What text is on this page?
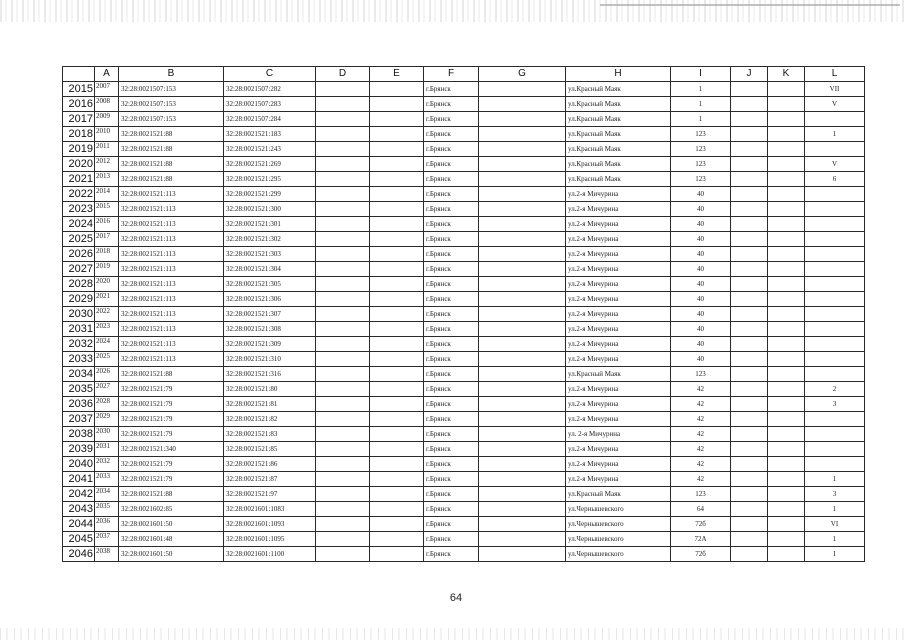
	A	B	C	D	E	F	G	H	I	J	K	L
2015	2007	32:28:0021507:153	32:28:0021507:282			г.Брянск		ул.Красный Маяк	1			VII
2016	2008	32:28:0021507:153	32:28:0021507:283			г.Брянск		ул.Красный Маяк	1			V
2017	2009	32:28:0021507:153	32:28:0021507:284			г.Брянск		ул.Красный Маяк	1			
2018	2010	32:28:0021521:88	32:28:0021521:183			г.Брянск		ул.Красный Маяк	123			1
2019	2011	32:28:0021521:88	32:28:0021521:243			г.Брянск		ул.Красный Маяк	123			
2020	2012	32:28:0021521:88	32:28:0021521:269			г.Брянск		ул.Красный Маяк	123			V
2021	2013	32:28:0021521:88	32:28:0021521:295			г.Брянск		ул.Красный Маяк	123			6
2022	2014	32:28:0021521:113	32:28:0021521:299			г.Брянск		ул.2-я Мичурина	40			
2023	2015	32:28:0021521:113	32:28:0021521:300			г.Брянск		ул.2-я Мичурина	40			
2024	2016	32:28:0021521:113	32:28:0021521:301			г.Брянск		ул.2-я Мичурина	40			
2025	2017	32:28:0021521:113	32:28:0021521:302			г.Брянск		ул.2-я Мичурина	40			
2026	2018	32:28:0021521:113	32:28:0021521:303			г.Брянск		ул.2-я Мичурина	40			
2027	2019	32:28:0021521:113	32:28:0021521:304			г.Брянск		ул.2-я Мичурина	40			
2028	2020	32:28:0021521:113	32:28:0021521:305			г.Брянск		ул.2-я Мичурина	40			
2029	2021	32:28:0021521:113	32:28:0021521:306			г.Брянск		ул.2-я Мичурина	40			
2030	2022	32:28:0021521:113	32:28:0021521:307			г.Брянск		ул.2-я Мичурина	40			
2031	2023	32:28:0021521:113	32:28:0021521:308			г.Брянск		ул.2-я Мичурина	40			
2032	2024	32:28:0021521:113	32:28:0021521:309			г.Брянск		ул.2-я Мичурина	40			
2033	2025	32:28:0021521:113	32:28:0021521:310			г.Брянск		ул.2-я Мичурина	40			
2034	2026	32:28:0021521:88	32:28:0021521:316			г.Брянск		ул.Красный Маяк	123			
2035	2027	32:28:0021521:79	32:28:0021521:80			г.Брянск		ул.2-я Мичурина	42			2
2036	2028	32:28:0021521:79	32:28:0021521:81			г.Брянск		ул.2-я Мичурина	42			3
2037	2029	32:28:0021521:79	32:28:0021521:82			г.Брянск		ул.2-я Мичурина	42			
2038	2030	32:28:0021521:79	32:28:0021521:83			г.Брянск		ул. 2-я Мичурина	42			
2039	2031	32:28:0021521:340	32:28:0021521:85			г.Брянск		ул.2-я Мичурина	42			
2040	2032	32:28:0021521:79	32:28:0021521:86			г.Брянск		ул.2-я Мичурина	42			
2041	2033	32:28:0021521:79	32:28:0021521:87			г.Брянск		ул.2-я Мичурина	42			1
2042	2034	32:28:0021521:88	32:28:0021521:97			г.Брянск		ул.Красный Маяк	123			3
2043	2035	32:28:0021602:85	32:28:0021601:1083			г.Брянск		ул.Чернышевского	64			1
2044	2036	32:28:0021601:50	32:28:0021601:1093			г.Брянск		ул.Чернышевского	72б			VI
2045	2037	32:28:0021601:48	32:28:0021601:1095			г.Брянск		ул.Чернышевского	72А			1
2046	2038	32:28:0021601:50	32:28:0021601:1100			г.Брянск		ул.Чернышевского	72б			I
64
